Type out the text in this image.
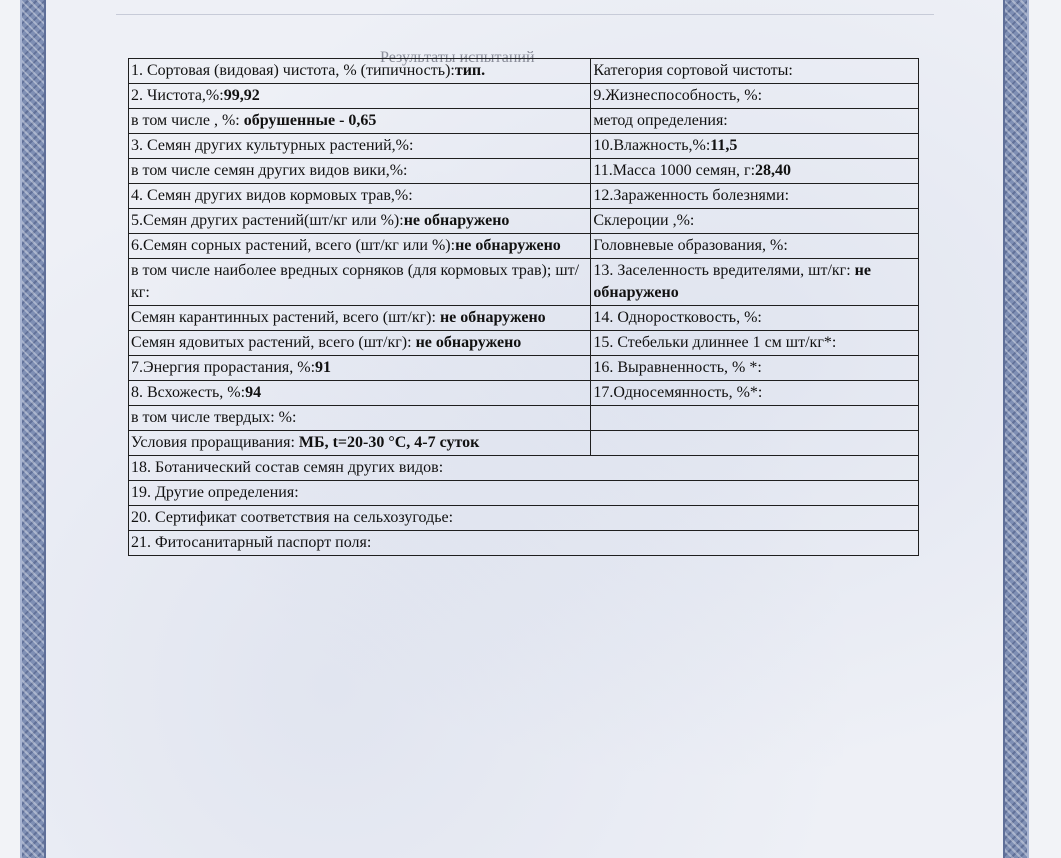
Результаты испытаний
1. Сортовая (видовая) чистота, % (типичность):тип.	Категория сортовой чистоты:
2. Чистота,%:99,92	9.Жизнеспособность, %:
в том числе , %: обрушенные - 0,65	метод определения:
3. Семян других культурных растений,%:	10.Влажность,%:11,5
в том числе семян других видов вики,%:	11.Масса 1000 семян, г:28,40
4. Семян других видов кормовых трав,%:	12.Зараженность болезнями:
5.Семян других растений(шт/кг или %):не обнаружено	Склероции ,%:
6.Семян сорных растений, всего (шт/кг или %):не обнаружено	Головневые образования, %:
в том числе наиболее вредных сорняков (для кормовых трав); шт/кг:	13. Заселенность вредителями, шт/кг: не обнаружено
Семян карантинных растений, всего (шт/кг): не обнаружено	14. Одноростковость, %:
Семян ядовитых растений, всего (шт/кг): не обнаружено	15. Стебельки длиннее 1 см шт/кг*:
7.Энергия прорастания, %:91	16. Выравненность, % *:
8. Всхожесть, %:94	17.Односемянность, %*:
в том числе твердых: %:	
Условия проращивания: МБ, t=20-30 °С, 4-7 суток	
18. Ботанический состав семян других видов:	
19. Другие определения:	
20. Сертификат соответствия на сельхозугодье:	
21. Фитосанитарный паспорт поля:	
